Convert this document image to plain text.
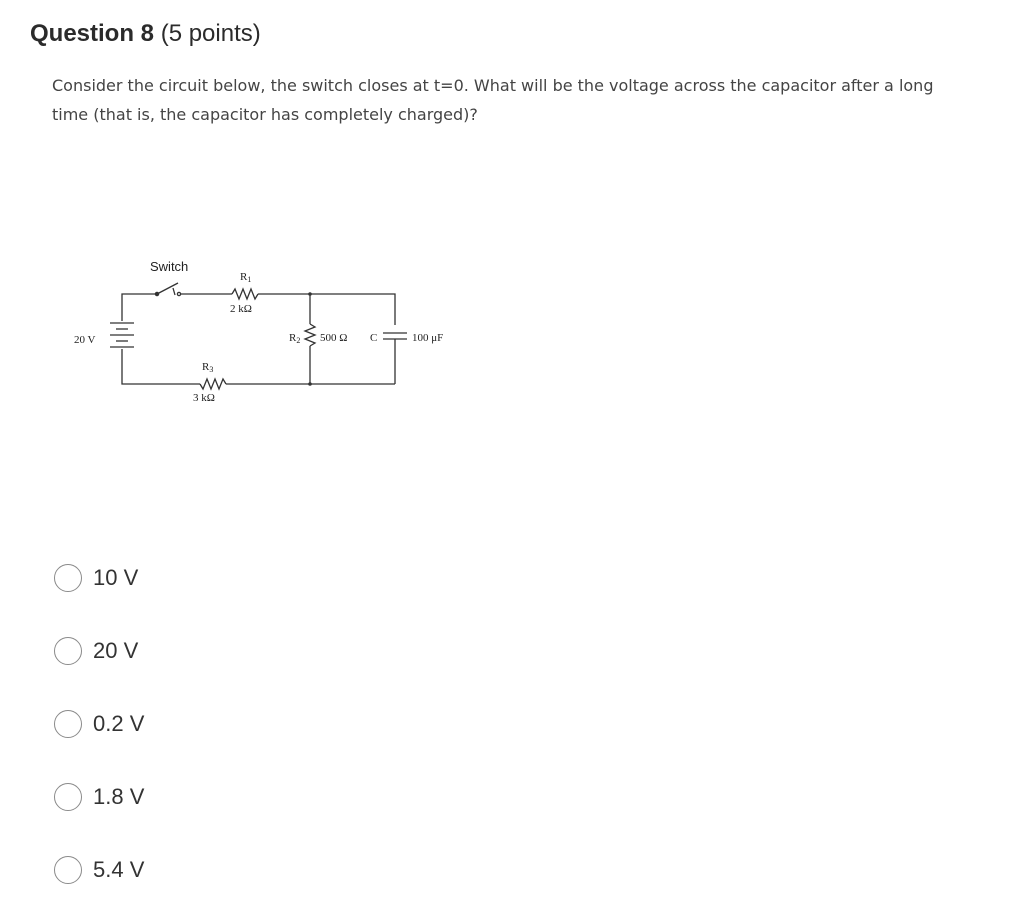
Question 8 (5 points)
Consider the circuit below, the switch closes at t=0. What will be the voltage across the capacitor after a long time (that is, the capacitor has completely charged)?
Switch
20 V
R1
2 kΩ
R2 500 Ω C	100 μF
R3
3 kΩ
10 V
20 V
0.2 V
1.8 V
5.4 V
